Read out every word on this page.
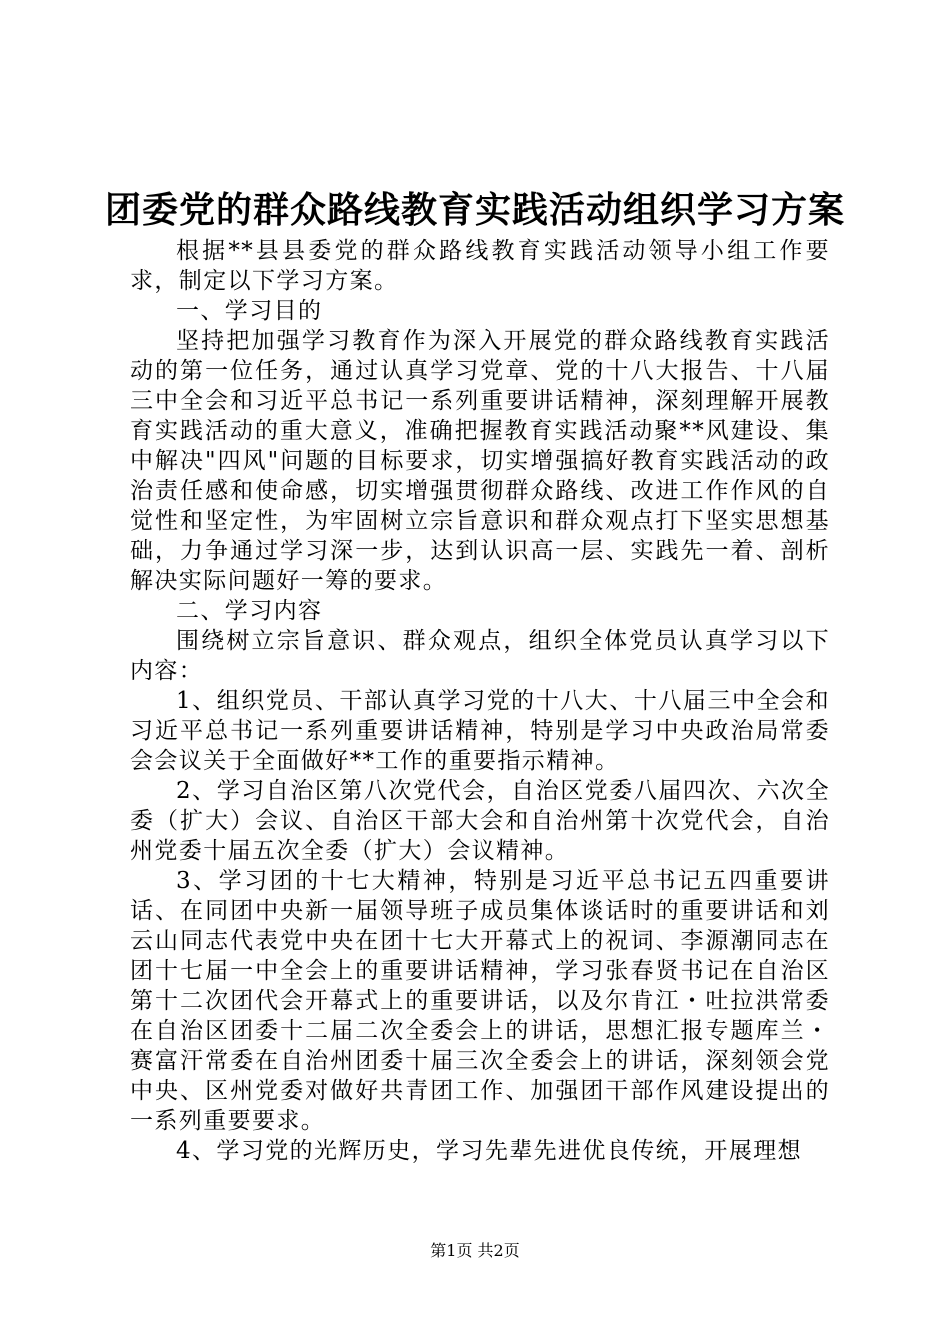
团委党的群众路线教育实践活动组织学习方案

根据**县县委党的群众路线教育实践活动领导小组工作要求，制定以下学习方案。

一、学习目的

坚持把加强学习教育作为深入开展党的群众路线教育实践活动的第一位任务，通过认真学习党章、党的十八大报告、十八届三中全会和习近平总书记一系列重要讲话精神，深刻理解开展教育实践活动的重大意义，准确把握教育实践活动聚**风建设、集中解决"四风"问题的目标要求，切实增强搞好教育实践活动的政治责任感和使命感，切实增强贯彻群众路线、改进工作作风的自觉性和坚定性，为牢固树立宗旨意识和群众观点打下坚实思想基础，力争通过学习深一步，达到认识高一层、实践先一着、剖析解决实际问题好一筹的要求。

二、学习内容

围绕树立宗旨意识、群众观点，组织全体党员认真学习以下内容：

1、组织党员、干部认真学习党的十八大、十八届三中全会和习近平总书记一系列重要讲话精神，特别是学习中央政治局常委会会议关于全面做好**工作的重要指示精神。

2、学习自治区第八次党代会，自治区党委八届四次、六次全委（扩大）会议、自治区干部大会和自治州第十次党代会，自治州党委十届五次全委（扩大）会议精神。

3、学习团的十七大精神，特别是习近平总书记五四重要讲话、在同团中央新一届领导班子成员集体谈话时的重要讲话和刘云山同志代表党中央在团十七大开幕式上的祝词、李源潮同志在团十七届一中全会上的重要讲话精神，学习张春贤书记在自治区第十二次团代会开幕式上的重要讲话，以及尔肯江・吐拉洪常委在自治区团委十二届二次全委会上的讲话，思想汇报专题库兰・赛富汗常委在自治州团委十届三次全委会上的讲话，深刻领会党中央、区州党委对做好共青团工作、加强团干部作风建设提出的一系列重要要求。

4、学习党的光辉历史，学习先辈先进优良传统，开展理想

第1页 共2页
